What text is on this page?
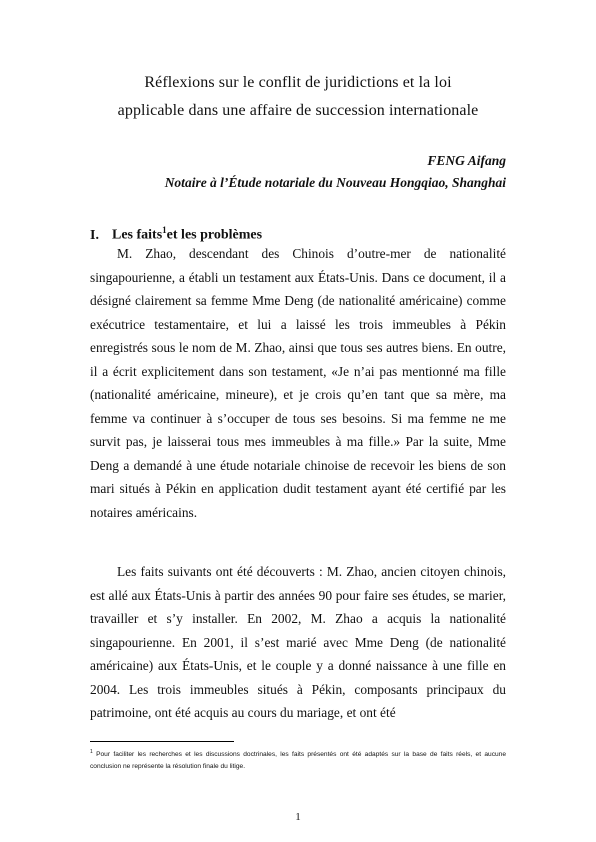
Réflexions sur le conflit de juridictions et la loi
applicable dans une affaire de succession internationale
FENG Aifang
Notaire à l’Étude notariale du Nouveau Hongqiao, Shanghai
I. Les faits$^1$et les problèmes

M. Zhao, descendant des Chinois d’outre-mer de nationalité singapourienne, a établi un testament aux États-Unis. Dans ce document, il a désigné clairement sa femme Mme Deng (de nationalité américaine) comme exécutrice testamentaire, et lui a laissé les trois immeubles à Pékin enregistrés sous le nom de M. Zhao, ainsi que tous ses autres biens. En outre, il a écrit explicitement dans son testament, «Je n’ai pas mentionné ma fille (nationalité américaine, mineure), et je crois qu’en tant que sa mère, ma femme va continuer à s’occuper de tous ses besoins. Si ma femme ne me survit pas, je laisserai tous mes immeubles à ma fille.» Par la suite, Mme Deng a demandé à une étude notariale chinoise de recevoir les biens de son mari situés à Pékin en application dudit testament ayant été certifié par les notaires américains.

Les faits suivants ont été découverts : M. Zhao, ancien citoyen chinois, est allé aux États-Unis à partir des années 90 pour faire ses études, se marier, travailler et s’y installer. En 2002, M. Zhao a acquis la nationalité singapourienne. En 2001, il s’est marié avec Mme Deng (de nationalité américaine) aux États-Unis, et le couple y a donné naissance à une fille en 2004. Les trois immeubles situés à Pékin, composants principaux du patrimoine, ont été acquis au cours du mariage, et ont été

$^1$ Pour faciliter les recherches et les discussions doctrinales, les faits présentés ont été adaptés sur la base de faits réels, et aucune conclusion ne représente la résolution finale du litige.

1
